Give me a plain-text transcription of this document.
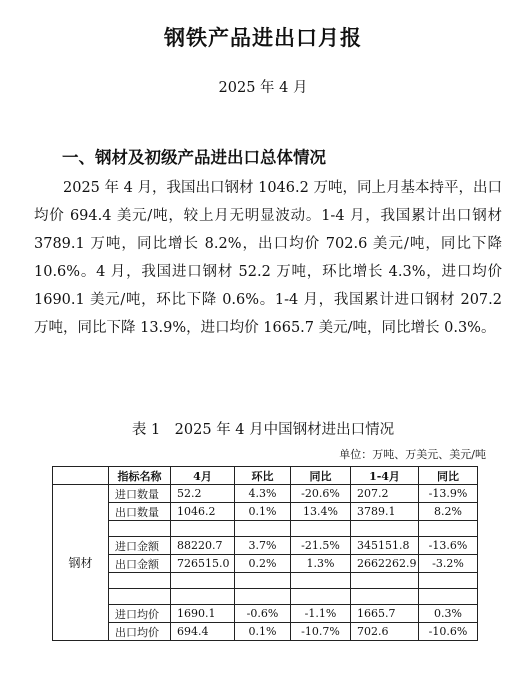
钢铁产品进出口月报
2025 年 4 月
一、钢材及初级产品进出口总体情况
2025 年 4 月，我国出口钢材 1046.2 万吨，同上月基本持平，出口均价 694.4 美元/吨，较上月无明显波动。1-4 月，我国累计出口钢材 3789.1 万吨，同比增长 8.2%，出口均价 702.6 美元/吨，同比下降 10.6%。4 月，我国进口钢材 52.2 万吨，环比增长 4.3%，进口均价 1690.1 美元/吨，环比下降 0.6%。1-4 月，我国累计进口钢材 207.2 万吨，同比下降 13.9%，进口均价 1665.7 美元/吨，同比增长 0.3%。
表 1　2025 年 4 月中国钢材进出口情况
单位：万吨、万美元、美元/吨
	指标名称	4月	环比	同比	1-4月	同比
钢材	进口数量	52.2	4.3%	-20.6%	207.2	-13.9%
	出口数量	1046.2	0.1%	13.4%	3789.1	8.2%

	进口金额	88220.7	3.7%	-21.5%	345151.8	-13.6%
	出口金额	726515.0	0.2%	1.3%	2662262.9	-3.2%

	进口均价	1690.1	-0.6%	-1.1%	1665.7	0.3%
	出口均价	694.4	0.1%	-10.7%	702.6	-10.6%
